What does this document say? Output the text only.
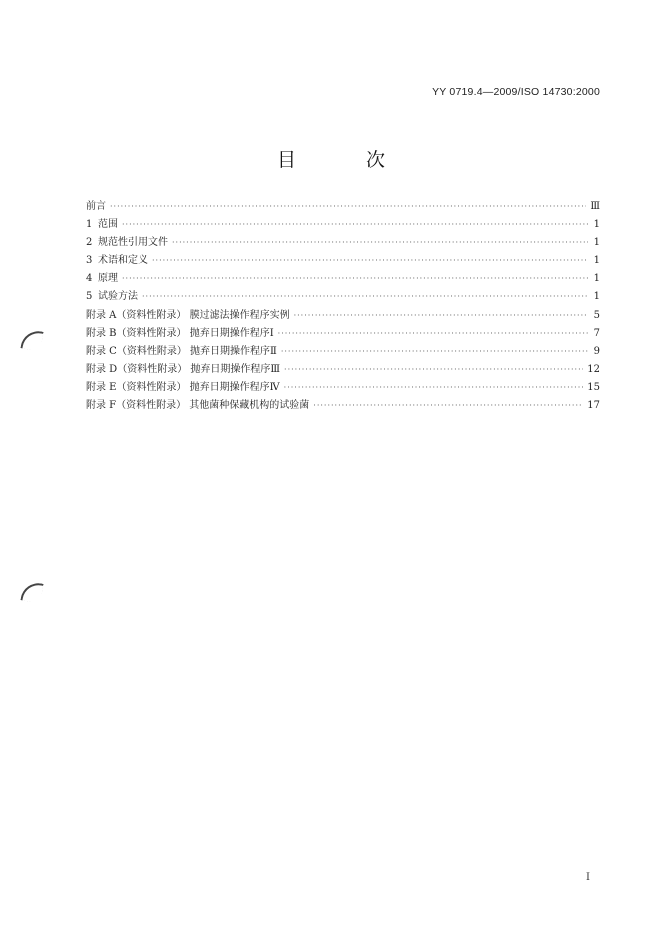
YY 0719.4—2009/ISO 14730:2000
目 次
前言 ·····	Ⅲ
1 范围 ·····	1
2 规范性引用文件 ·····	1
3 术语和定义 ·····	1
4 原理 ·····	1
5 试验方法 ·····	1
附录 A（资料性附录） 膜过滤法操作程序实例 ·····	5
附录 B（资料性附录） 抛弃日期操作程序Ⅰ ·····	7
附录 C（资料性附录） 抛弃日期操作程序Ⅱ ·····	9
附录 D（资料性附录） 抛弃日期操作程序Ⅲ ·····	12
附录 E（资料性附录） 抛弃日期操作程序Ⅳ ·····	15
附录 F（资料性附录） 其他菌种保藏机构的试验菌 ·····	17
Ⅰ
